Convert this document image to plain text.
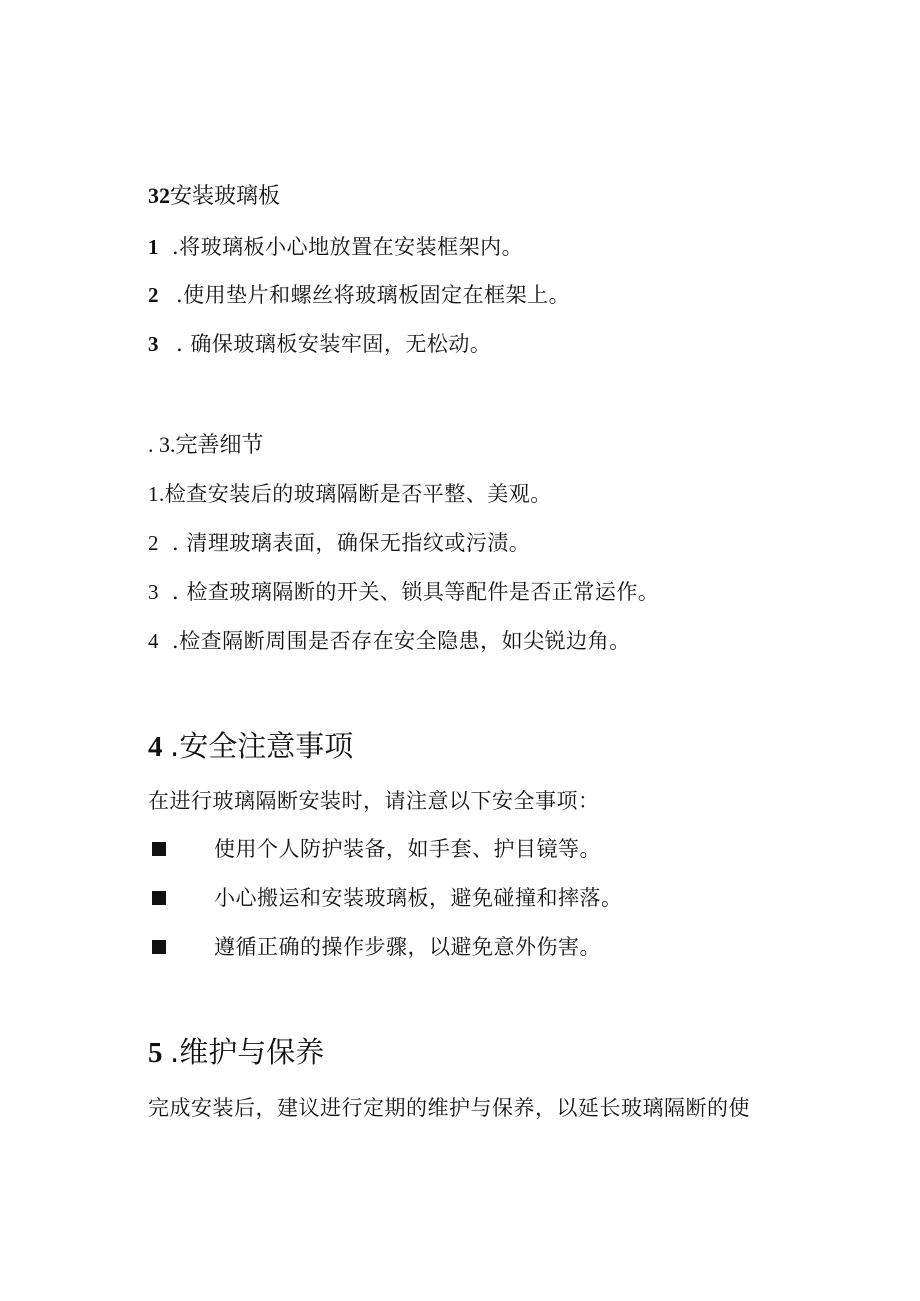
32安装玻璃板
1 .将玻璃板小心地放置在安装框架内。
2 .使用垫片和螺丝将玻璃板固定在框架上。
3 . 确保玻璃板安装牢固，无松动。
. 3.完善细节
1.检查安装后的玻璃隔断是否平整、美观。
2 . 清理玻璃表面，确保无指纹或污渍。
3 . 检查玻璃隔断的开关、锁具等配件是否正常运作。
4 .检查隔断周围是否存在安全隐患，如尖锐边角。
4 .安全注意事项
在进行玻璃隔断安装时，请注意以下安全事项：
使用个人防护装备，如手套、护目镜等。
小心搬运和安装玻璃板，避免碰撞和摔落。
遵循正确的操作步骤，以避免意外伤害。
5 .维护与保养
完成安装后，建议进行定期的维护与保养，以延长玻璃隔断的使
